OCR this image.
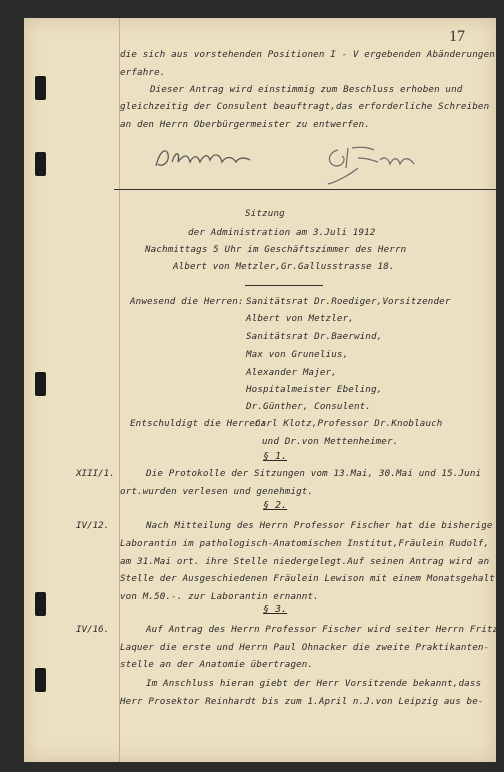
17
die sich aus vorstehenden Positionen I - V ergebenden Abänderungen
erfahre.
Dieser Antrag wird einstimmig zum Beschluss erhoben und
gleichzeitig der Consulent beauftragt,das erforderliche Schreiben
an den Herrn Oberbürgermeister zu entwerfen.
Sitzung
der Administration am 3.Juli 1912
Nachmittags 5 Uhr im Geschäftszimmer des Herrn
Albert von Metzler,Gr.Gallusstrasse 18.
Anwesend die Herren: Sanitätsrat Dr.Roediger,Vorsitzender
Albert von Metzler,
Sanitätsrat Dr.Baerwind,
Max von Grunelius,
Alexander Majer,
Hospitalmeister Ebeling,
Dr.Günther, Consulent.
Entschuldigt die Herren:
Carl Klotz,Professor Dr.Knoblauch
und Dr.von Mettenheimer.
§ 1.
XIII/1.	Die Protokolle der Sitzungen vom 13.Mai, 30.Mai und 15.Juni
ort.wurden verlesen und genehmigt.
§ 2.
IV/12.	Nach Mitteilung des Herrn Professor Fischer hat die bisherige
Laborantin im pathologisch-Anatomischen Institut,Fräulein Rudolf,
am 31.Mai ort. ihre Stelle niedergelegt.Auf seinen Antrag wird an
Stelle der Ausgeschiedenen Fräulein Lewison mit einem Monatsgehalt
von M.50.-. zur Laborantin ernannt.
§ 3.
IV/16.	Auf Antrag des Herrn Professor Fischer wird seiter Herrn Fritz
Laquer die erste und Herrn Paul Ohnacker die zweite Praktikanten-
stelle an der Anatomie übertragen.
Im Anschluss hieran giebt der Herr Vorsitzende bekannt,dass
Herr Prosektor Reinhardt bis zum 1.April n.J.von Leipzig aus be-
